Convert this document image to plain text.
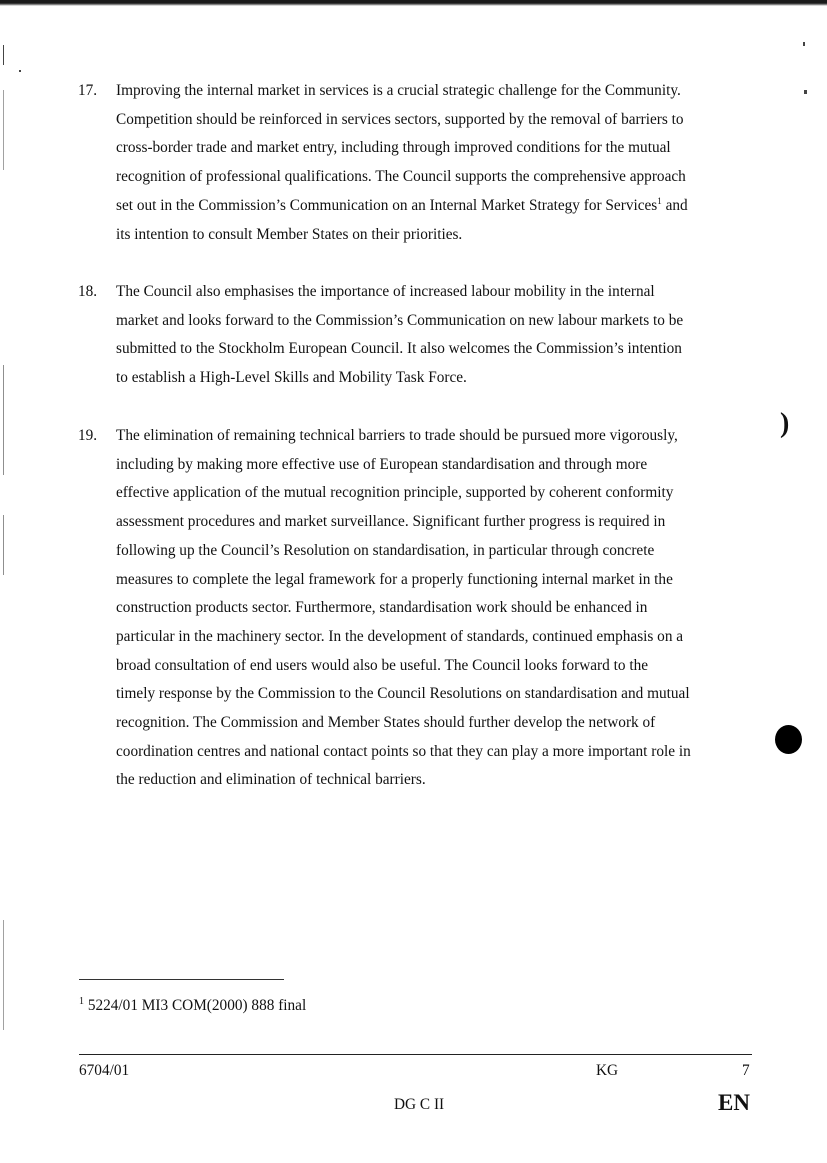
17. Improving the internal market in services is a crucial strategic challenge for the Community.
Competition should be reinforced in services sectors, supported by the removal of barriers to
cross-border trade and market entry, including through improved conditions for the mutual
recognition of professional qualifications. The Council supports the comprehensive approach
set out in the Commission’s Communication on an Internal Market Strategy for Services$^1$ and
its intention to consult Member States on their priorities.
18. The Council also emphasises the importance of increased labour mobility in the internal
market and looks forward to the Commission’s Communication on new labour markets to be
submitted to the Stockholm European Council. It also welcomes the Commission’s intention
to establish a High-Level Skills and Mobility Task Force.
19. The elimination of remaining technical barriers to trade should be pursued more vigorously,
including by making more effective use of European standardisation and through more
effective application of the mutual recognition principle, supported by coherent conformity
assessment procedures and market surveillance. Significant further progress is required in
following up the Council’s Resolution on standardisation, in particular through concrete
measures to complete the legal framework for a properly functioning internal market in the
construction products sector. Furthermore, standardisation work should be enhanced in
particular in the machinery sector. In the development of standards, continued emphasis on a
broad consultation of end users would also be useful. The Council looks forward to the
timely response by the Commission to the Council Resolutions on standardisation and mutual
recognition. The Commission and Member States should further develop the network of
coordination centres and national contact points so that they can play a more important role in
the reduction and elimination of technical barriers.
)
$^1$ 5224/01 MI3 COM(2000) 888 final
6704/01	KG	7
DG C II	EN
